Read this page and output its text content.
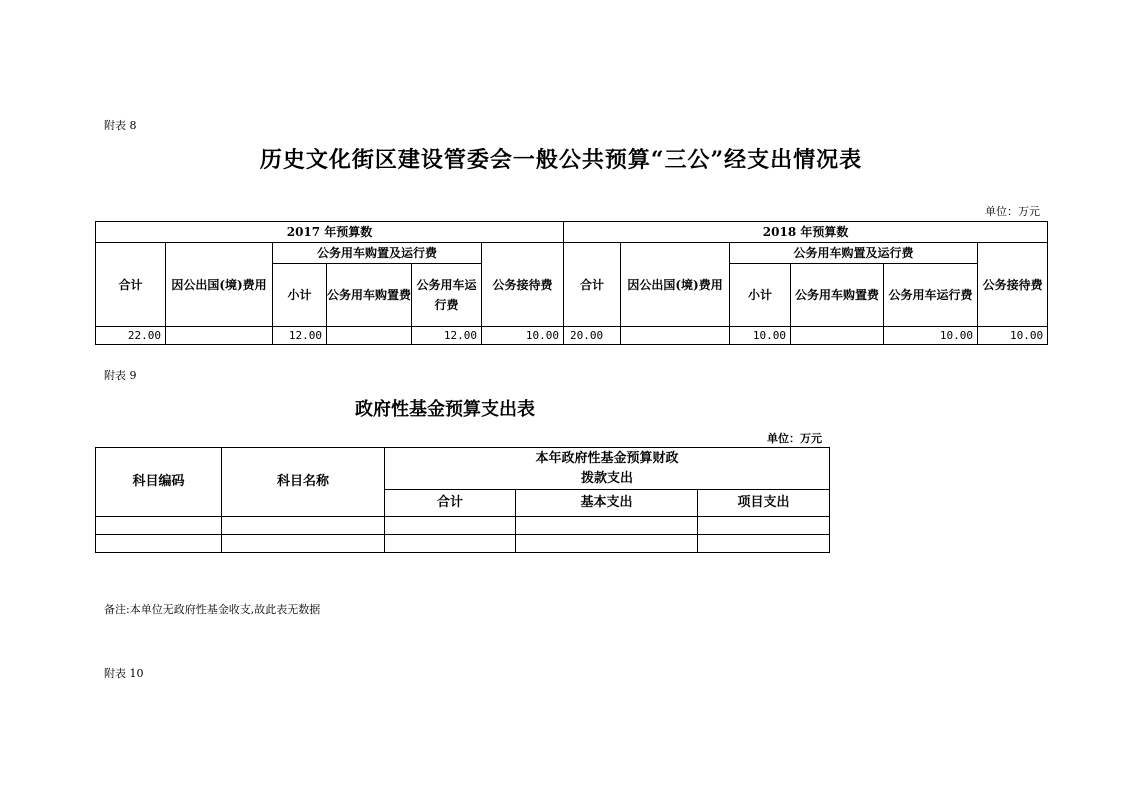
附表 8
历史文化街区建设管委会一般公共预算“三公”经支出情况表
单位：万元
2017 年预算数						2018 年预算数					
合计	因公出国(境)费用	公务用车购置及运行费			公务接待费	合计	因公出国(境)费用	公务用车购置及运行费			公务接待费
		小计	公务用车购置费	公务用车运行费				小计	公务用车购置费	公务用车运行费	
22.00		12.00		12.00	10.00	20.00		10.00		10.00	10.00
附表 9
政府性基金预算支出表
单位：万元
科目编码	科目名称	本年政府性基金预算财政
拨款支出		

		合计	基本支出	项目支出

备注:本单位无政府性基金收支,故此表无数据
附表 10
